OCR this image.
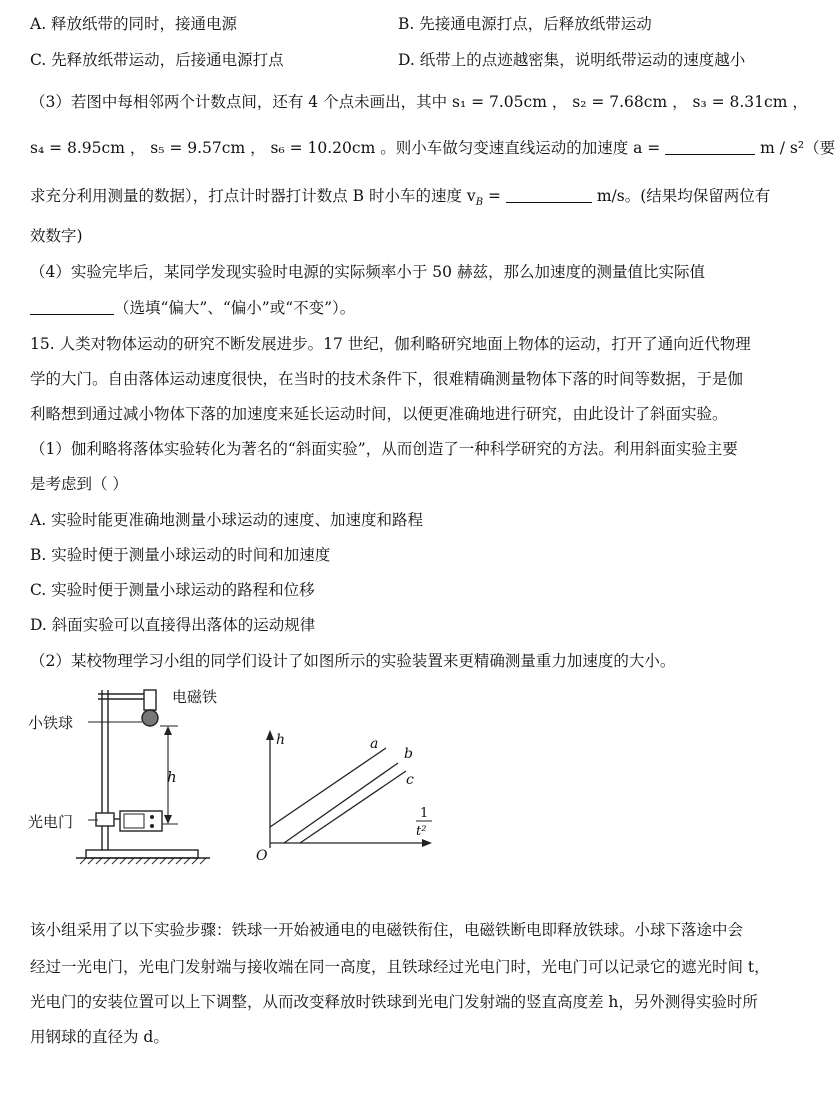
A. 释放纸带的同时，接通电源	B. 先接通电源打点，后释放纸带运动
C. 先释放纸带运动，后接通电源打点	D. 纸带上的点迹越密集，说明纸带运动的速度越小
（3）若图中每相邻两个计数点间，还有 4 个点未画出，其中 s₁ = 7.05cm ， s₂ = 7.68cm ， s₃ = 8.31cm ，
s₄ = 8.95cm ， s₅ = 9.57cm ， s₆ = 10.20cm 。则小车做匀变速直线运动的加速度 a =	m / s²（要
求充分利用测量的数据），打点计时器打计数点 B 时小车的速度 $v_B$ =	m/s。(结果均保留两位有
效数字)
（4）实验完毕后，某同学发现实验时电源的实际频率小于 50 赫兹，那么加速度的测量值比实际值
（选填“偏大”、“偏小”或“不变”）。
15. 人类对物体运动的研究不断发展进步。17 世纪，伽利略研究地面上物体的运动，打开了通向近代物理
学的大门。自由落体运动速度很快，在当时的技术条件下，很难精确测量物体下落的时间等数据，于是伽
利略想到通过减小物体下落的加速度来延长运动时间，以便更准确地进行研究，由此设计了斜面实验。
（1）伽利略将落体实验转化为著名的“斜面实验”，从而创造了一种科学研究的方法。利用斜面实验主要
是考虑到（ ）
A. 实验时能更准确地测量小球运动的速度、加速度和路程
B. 实验时便于测量小球运动的时间和加速度
C. 实验时便于测量小球运动的路程和位移
D. 斜面实验可以直接得出落体的运动规律
（2）某校物理学习小组的同学们设计了如图所示的实验装置来更精确测量重力加速度的大小。
电磁铁
小铁球
光电门
h
h	a
b
c
O
1
t²
该小组采用了以下实验步骤：铁球一开始被通电的电磁铁衔住，电磁铁断电即释放铁球。小球下落途中会
经过一光电门，光电门发射端与接收端在同一高度，且铁球经过光电门时，光电门可以记录它的遮光时间 t，
光电门的安装位置可以上下调整，从而改变释放时铁球到光电门发射端的竖直高度差 h，另外测得实验时所
用钢球的直径为 d。
